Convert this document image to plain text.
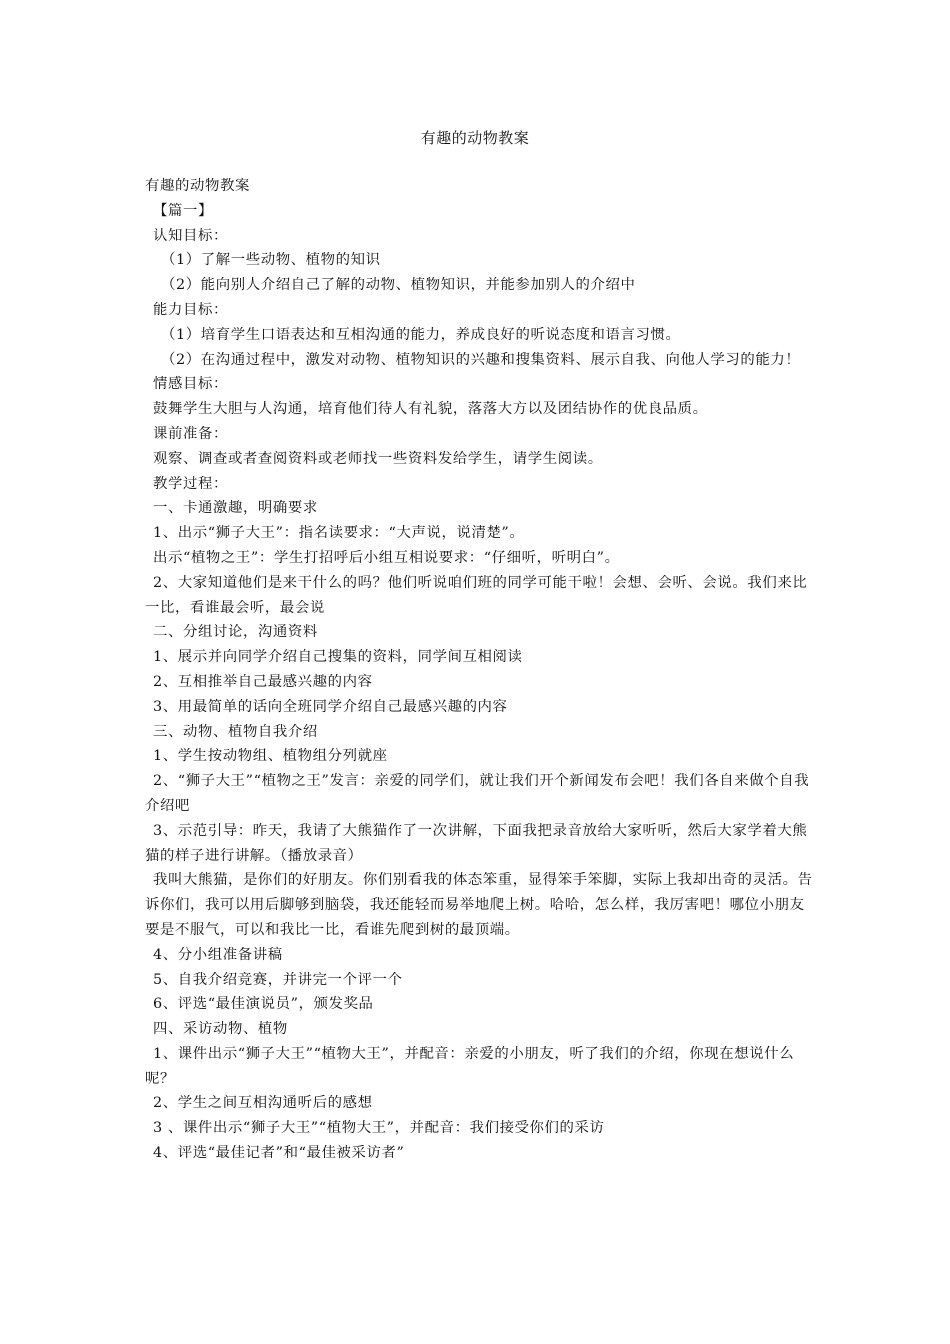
有趣的动物教案

有趣的动物教案

【篇一】

认知目标：

（1）了解一些动物、植物的知识

（2）能向别人介绍自己了解的动物、植物知识，并能参加别人的介绍中

能力目标：

（1）培育学生口语表达和互相沟通的能力，养成良好的听说态度和语言习惯。

（2）在沟通过程中，激发对动物、植物知识的兴趣和搜集资料、展示自我、向他人学习的能力！

情感目标：

鼓舞学生大胆与人沟通，培育他们待人有礼貌，落落大方以及团结协作的优良品质。

课前准备：

观察、调查或者查阅资料或老师找一些资料发给学生，请学生阅读。

教学过程：

一、卡通激趣，明确要求

1、出示“狮子大王”：指名读要求：“大声说，说清楚”。

出示“植物之王”：学生打招呼后小组互相说要求：“仔细听，听明白”。

2、大家知道他们是来干什么的吗？他们听说咱们班的同学可能干啦！会想、会听、会说。我们来比一比，看谁最会听，最会说

二、分组讨论，沟通资料

1、展示并向同学介绍自己搜集的资料，同学间互相阅读

2、互相推举自己最感兴趣的内容

3、用最简单的话向全班同学介绍自己最感兴趣的内容

三、动物、植物自我介绍

1、学生按动物组、植物组分列就座

2、“狮子大王”“植物之王”发言：亲爱的同学们，就让我们开个新闻发布会吧！我们各自来做个自我介绍吧

3、示范引导：昨天，我请了大熊猫作了一次讲解，下面我把录音放给大家听听，然后大家学着大熊猫的样子进行讲解。（播放录音）

我叫大熊猫，是你们的好朋友。你们别看我的体态笨重，显得笨手笨脚，实际上我却出奇的灵活。告诉你们，我可以用后脚够到脑袋，我还能轻而易举地爬上树。哈哈，怎么样，我厉害吧！哪位小朋友要是不服气，可以和我比一比，看谁先爬到树的最顶端。

4、分小组准备讲稿

5、自我介绍竞赛，并讲完一个评一个

6、评选“最佳演说员”，颁发奖品

四、采访动物、植物

1、课件出示“狮子大王”“植物大王”，并配音：亲爱的小朋友，听了我们的介绍，你现在想说什么呢？

2、学生之间互相沟通听后的感想

3 、课件出示“狮子大王”“植物大王”，并配音：我们接受你们的采访

4、评选“最佳记者”和“最佳被采访者”
